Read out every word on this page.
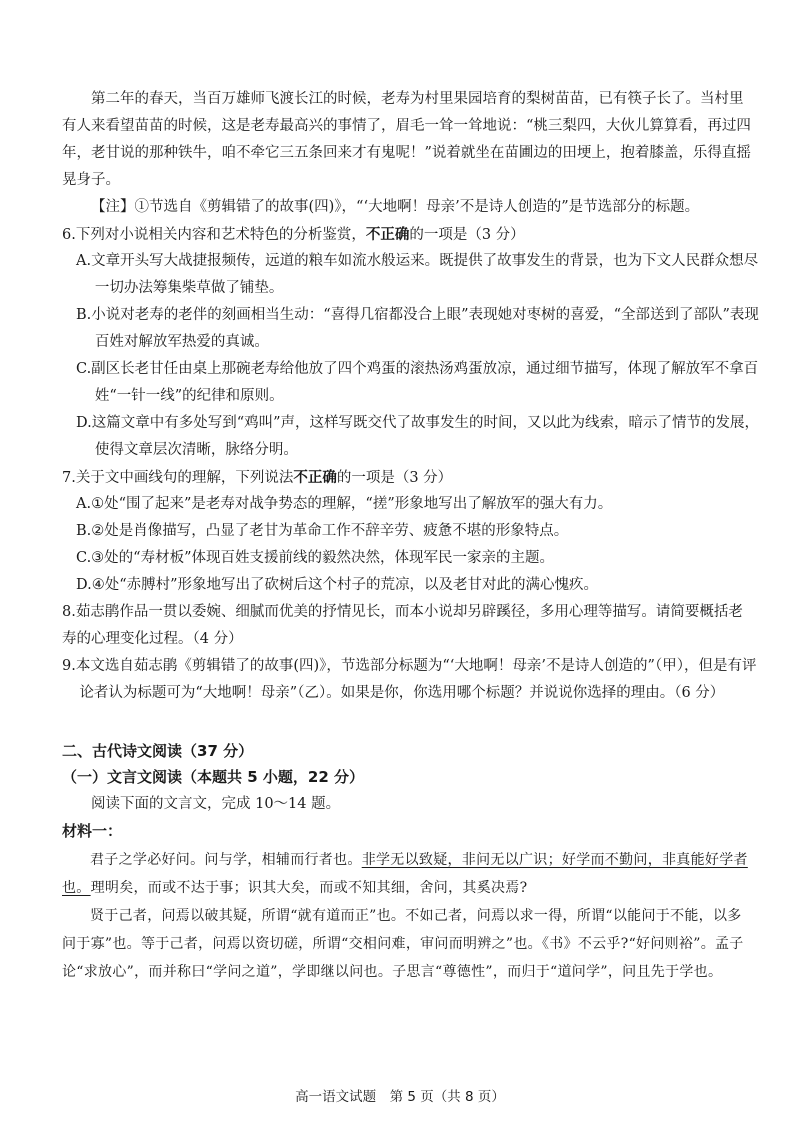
第二年的春天，当百万雄师飞渡长江的时候，老寿为村里果园培育的梨树苗苗，已有筷子长了。当村里有人来看望苗苗的时候，这是老寿最高兴的事情了，眉毛一耸一耸地说：“桃三梨四，大伙儿算算看，再过四年，老甘说的那种铁牛，咱不牵它三五条回来才有鬼呢！”说着就坐在苗圃边的田埂上，抱着膝盖，乐得直摇晃身子。

【注】①节选自《剪辑错了的故事(四)》，“‘大地啊！母亲’不是诗人创造的”是节选部分的标题。

6.下列对小说相关内容和艺术特色的分析鉴赏，不正确的一项是（3 分）

A.文章开头写大战捷报频传，远道的粮车如流水般运来。既提供了故事发生的背景，也为下文人民群众想尽一切办法筹集柴草做了铺垫。

B.小说对老寿的老伴的刻画相当生动：“喜得几宿都没合上眼”表现她对枣树的喜爱，“全部送到了部队”表现百姓对解放军热爱的真诚。

C.副区长老甘任由桌上那碗老寿给他放了四个鸡蛋的滚热汤鸡蛋放凉，通过细节描写，体现了解放军不拿百姓“一针一线”的纪律和原则。

D.这篇文章中有多处写到“鸡叫”声，这样写既交代了故事发生的时间，又以此为线索，暗示了情节的发展，使得文章层次清晰，脉络分明。

7.关于文中画线句的理解，下列说法不正确的一项是（3 分）

A.①处“围了起来”是老寿对战争势态的理解，“搓”形象地写出了解放军的强大有力。

B.②处是肖像描写，凸显了老甘为革命工作不辞辛劳、疲惫不堪的形象特点。

C.③处的“寿材板”体现百姓支援前线的毅然决然，体现军民一家亲的主题。

D.④处“赤膊村”形象地写出了砍树后这个村子的荒凉，以及老甘对此的满心愧疚。

8.茹志鹃作品一贯以委婉、细腻而优美的抒情见长，而本小说却另辟蹊径，多用心理等描写。请简要概括老寿的心理变化过程。（4 分）

9.本文选自茹志鹃《剪辑错了的故事(四)》，节选部分标题为“‘大地啊！母亲’不是诗人创造的”（甲），但是有评论者认为标题可为“大地啊！母亲”（乙）。如果是你，你选用哪个标题？并说说你选择的理由。（6 分）

二、古代诗文阅读（37 分）

（一）文言文阅读（本题共 5 小题，22 分）

阅读下面的文言文，完成 10～14 题。

材料一：

君子之学必好问。问与学，相辅而行者也。非学无以致疑，非问无以广识；好学而不勤问，非真能好学者也。理明矣，而或不达于事；识其大矣，而或不知其细，舍问，其奚决焉?

贤于己者，问焉以破其疑，所谓“就有道而正”也。不如己者，问焉以求一得，所谓“以能问于不能，以多问于寡”也。等于己者，问焉以资切磋，所谓“交相问难，审问而明辨之”也。《书》不云乎?“好问则裕”。孟子论“求放心”，而并称曰“学问之道”，学即继以问也。子思言“尊德性”，而归于“道问学”，问且先于学也。

高一语文试题　第 5 页（共 8 页）
